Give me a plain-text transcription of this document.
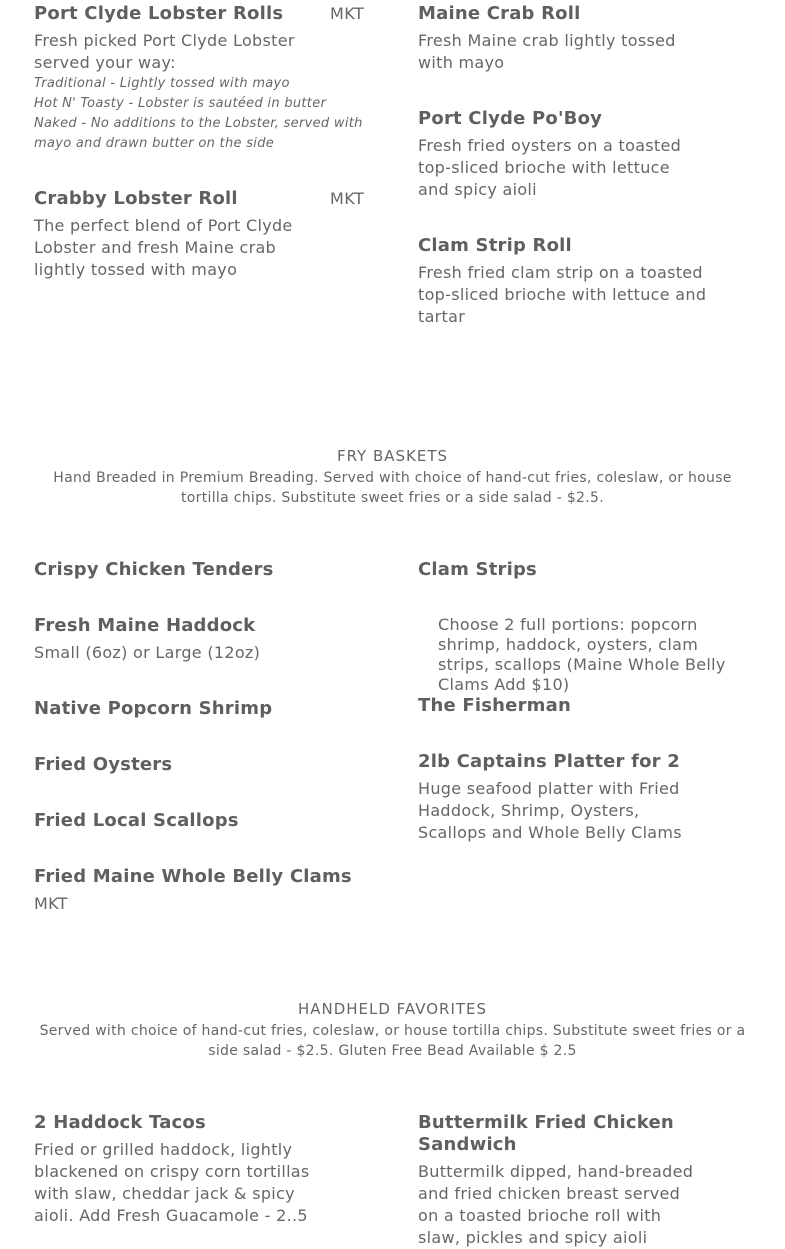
Port Clyde Lobster Rolls	MKT
Fresh picked Port Clyde Lobster served your way:
Traditional - Lightly tossed with mayo
Hot N' Toasty - Lobster is sautéed in butter
Naked - No additions to the Lobster, served with mayo and drawn butter on the side
Crabby Lobster Roll	MKT
The perfect blend of Port Clyde Lobster and fresh Maine crab lightly tossed with mayo
Maine Crab Roll
Fresh Maine crab lightly tossed with mayo
Port Clyde Po'Boy
Fresh fried oysters on a toasted top-sliced brioche with lettuce and spicy aioli
Clam Strip Roll
Fresh fried clam strip on a toasted top-sliced brioche with lettuce and tartar
FRY BASKETS
Hand Breaded in Premium Breading. Served with choice of hand-cut fries, coleslaw, or house tortilla chips. Substitute sweet fries or a side salad - $2.5.
Crispy Chicken Tenders
Fresh Maine Haddock
Small (6oz) or Large (12oz)
Native Popcorn Shrimp
Fried Oysters
Fried Local Scallops
Fried Maine Whole Belly Clams
MKT
Clam Strips
Choose 2 full portions: popcorn shrimp, haddock, oysters, clam strips, scallops (Maine Whole Belly Clams Add $10)
The Fisherman
2lb Captains Platter for 2
Huge seafood platter with Fried Haddock, Shrimp, Oysters, Scallops and Whole Belly Clams
HANDHELD FAVORITES
Served with choice of hand-cut fries, coleslaw, or house tortilla chips. Substitute sweet fries or a side salad - $2.5. Gluten Free Bead Available $ 2.5
2 Haddock Tacos
Fried or grilled haddock, lightly blackened on crispy corn tortillas with slaw, cheddar jack & spicy aioli. Add Fresh Guacamole - 2..5
Buttermilk Fried Chicken Sandwich
Buttermilk dipped, hand-breaded and fried chicken breast served on a toasted brioche roll with slaw, pickles and spicy aioli
